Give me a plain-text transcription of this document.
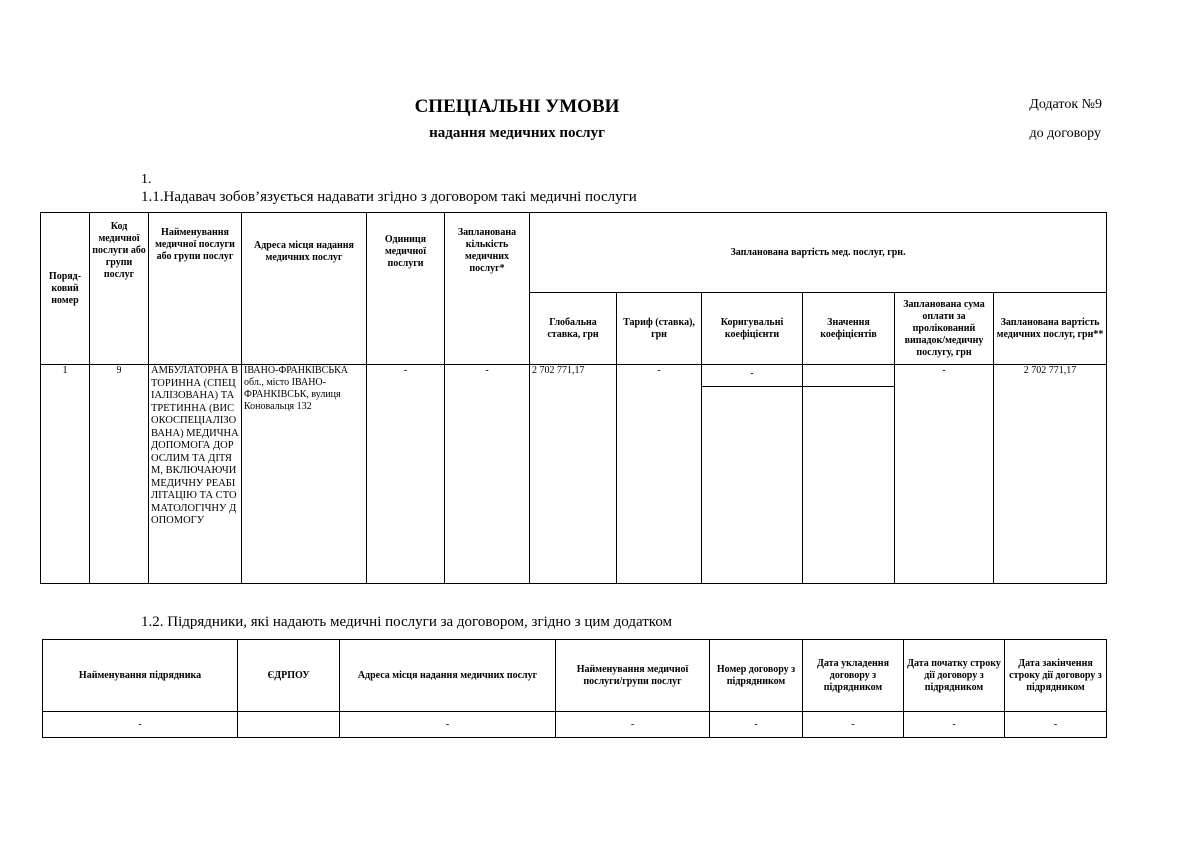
СПЕЦІАЛЬНІ УМОВИ
надання медичних послуг
Додаток №9
до договору
1.
1.1.Надавач зобов’язується надавати згідно з договором такі медичні послуги
Поряд-ковий номер	Код медичної послуги або групи послуг	Найменування медичної послуги або групи послуг	Адреса місця надання медичних послуг	Одиниця медичної послуги	Запланована кількість медичних послуг*	Запланована вартість мед. послуг, грн.					
						Глобальна ставка, грн	Тариф (ставка), грн	Коригувальні коефіцієнти	Значення коефіцієнтів	Запланована сума оплати за пролікований випадок/медичну послугу, грн	Запланована вартість медичних послуг, грн**
1	9	АМБУЛАТОРНА ВТОРИННА (СПЕЦІАЛІЗОВАНА) ТА ТРЕТИННА (ВИСОКОСПЕЦІАЛІЗОВАНА) МЕДИЧНА ДОПОМОГА ДОРОСЛИМ ТА ДІТЯМ, ВКЛЮЧАЮЧИ МЕДИЧНУ РЕАБІЛІТАЦІЮ ТА СТОМАТОЛОГІЧНУ ДОПОМОГУ	ІВАНО-ФРАНКІВСЬКА обл., місто ІВАНО-ФРАНКІВСЬК, вулиця Коновальця 132	-	-	2 702 771,17	-	-		-	2 702 771,17
1.2. Підрядники, які надають медичні послуги за договором, згідно з цим додатком
Найменування підрядника	ЄДРПОУ	Адреса місця надання медичних послуг	Найменування медичної послуги/групи послуг	Номер договору з підрядником	Дата укладення договору з підрядником	Дата початку строку дії договору з підрядником	Дата закінчення строку дії договору з підрядником
-		-	-	-	-	-	-
